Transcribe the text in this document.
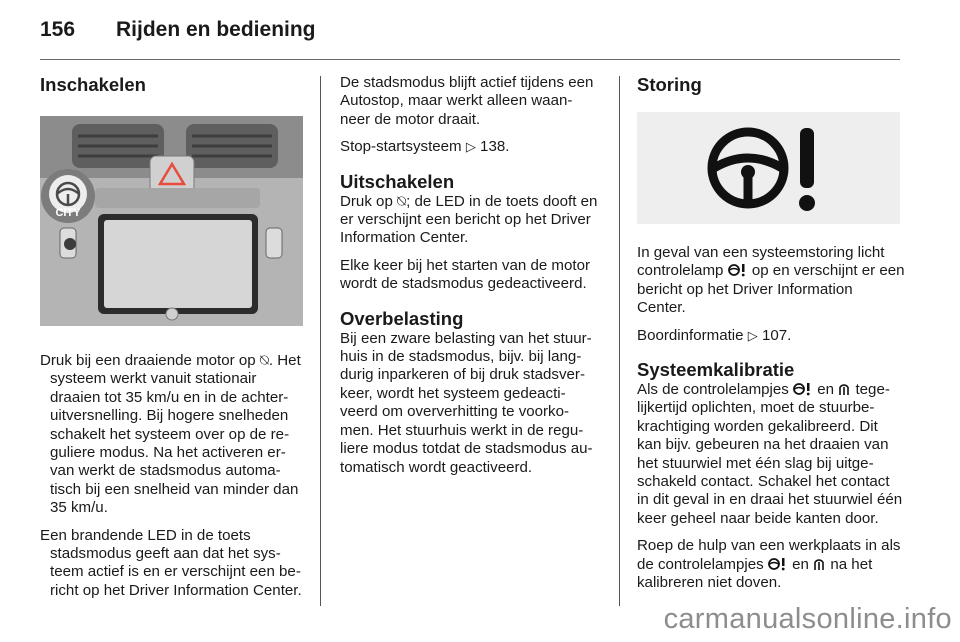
156 Rijden en bediening
Inschakelen
CITY

Druk bij een draaiende motor op ⍉. Het systeem werkt vanuit stationair draaien tot 35 km/u en in de achter- uitversnelling. Bij hogere snelheden schakelt het systeem over op de re- guliere modus. Na het activeren er- van werkt de stadsmodus automa- tisch bij een snelheid van minder dan 35 km/u.

Een brandende LED in de toets stadsmodus geeft aan dat het sys- teem actief is en er verschijnt een be- richt op het Driver Information Center.

De stadsmodus blijft actief tijdens een Autostop, maar werkt alleen waan- neer de motor draait.

Stop-startsysteem ▷ 138.

Uitschakelen

Druk op ⍉; de LED in de toets dooft en er verschijnt een bericht op het Driver Information Center.

Elke keer bij het starten van de motor wordt de stadsmodus gedeactiveerd.

Overbelasting

Bij een zware belasting van het stuur- huis in de stadsmodus, bijv. bij lang- durig inparkeren of bij druk stadsver- keer, wordt het systeem gedeacti- veerd om oververhitting te voorko- men. Het stuurhuis werkt in de regu- liere modus totdat de stadsmodus au- tomatisch wordt geactiveerd.

Storing

In geval van een systeemstoring licht controlelamp op en verschijnt er een bericht op het Driver Information Center.

Boordinformatie ▷ 107.

Systeemkalibratie

Als de controlelampjes en tege- lijkertijd oplichten, moet de stuurbe- krachtiging worden gekalibreerd. Dit kan bijv. gebeuren na het draaien van het stuurwiel met één slag bij uitge- schakeld contact. Schakel het contact in dit geval in en draai het stuurwiel één keer geheel naar beide kanten door.

Roep de hulp van een werkplaats in als de controlelampjes en na het kalibreren niet doven.

carmanualsonline.info
